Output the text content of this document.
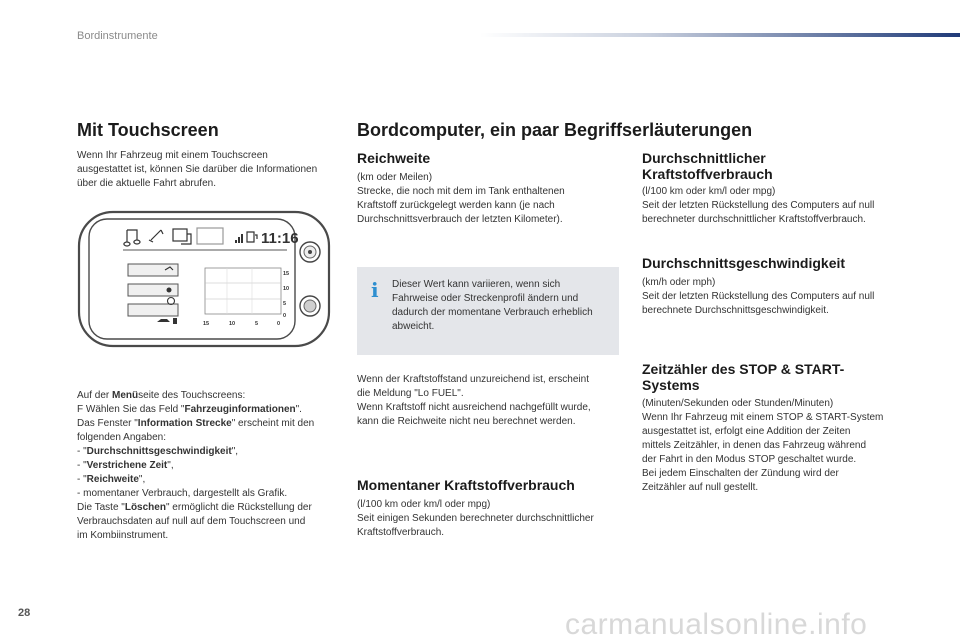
Bordinstrumente
Mit Touchscreen
Wenn Ihr Fahrzeug mit einem Touchscreen
ausgestattet ist, können Sie darüber die Informationen
über die aktuelle Fahrt abrufen.
11:16
15
10
5
0
15	10	5	0
Auf der Menüseite des Touchscreens:
F Wählen Sie das Feld "Fahrzeuginformationen".
Das Fenster "Information Strecke" erscheint mit den
folgenden Angaben:
- "Durchschnittsgeschwindigkeit",
- "Verstrichene Zeit",
- "Reichweite",
- momentaner Verbrauch, dargestellt als Grafik.
Die Taste "Löschen" ermöglicht die Rückstellung der
Verbrauchsdaten auf null auf dem Touchscreen und
im Kombiinstrument.
Bordcomputer, ein paar Begriffserläuterungen
Reichweite
(km oder Meilen)
Strecke, die noch mit dem im Tank enthaltenen
Kraftstoff zurückgelegt werden kann (je nach
Durchschnittsverbrauch der letzten Kilometer).
i Dieser Wert kann variieren, wenn sich
Fahrweise oder Streckenprofil ändern und
dadurch der momentane Verbrauch erheblich
abweicht.
Wenn der Kraftstoffstand unzureichend ist, erscheint
die Meldung "Lo FUEL".
Wenn Kraftstoff nicht ausreichend nachgefüllt wurde,
kann die Reichweite nicht neu berechnet werden.
Momentaner Kraftstoffverbrauch
(l/100 km oder km/l oder mpg)
Seit einigen Sekunden berechneter durchschnittlicher
Kraftstoffverbrauch.
Durchschnittlicher
Kraftstoffverbrauch
(l/100 km oder km/l oder mpg)
Seit der letzten Rückstellung des Computers auf null
berechneter durchschnittlicher Kraftstoffverbrauch.
Durchschnittsgeschwindigkeit
(km/h oder mph)
Seit der letzten Rückstellung des Computers auf null
berechnete Durchschnittsgeschwindigkeit.
Zeitzähler des STOP & START-
Systems
(Minuten/Sekunden oder Stunden/Minuten)
Wenn Ihr Fahrzeug mit einem STOP & START-System
ausgestattet ist, erfolgt eine Addition der Zeiten
mittels Zeitzähler, in denen das Fahrzeug während
der Fahrt in den Modus STOP geschaltet wurde.
Bei jedem Einschalten der Zündung wird der
Zeitzähler auf null gestellt.
28	carmanualsonline.info
